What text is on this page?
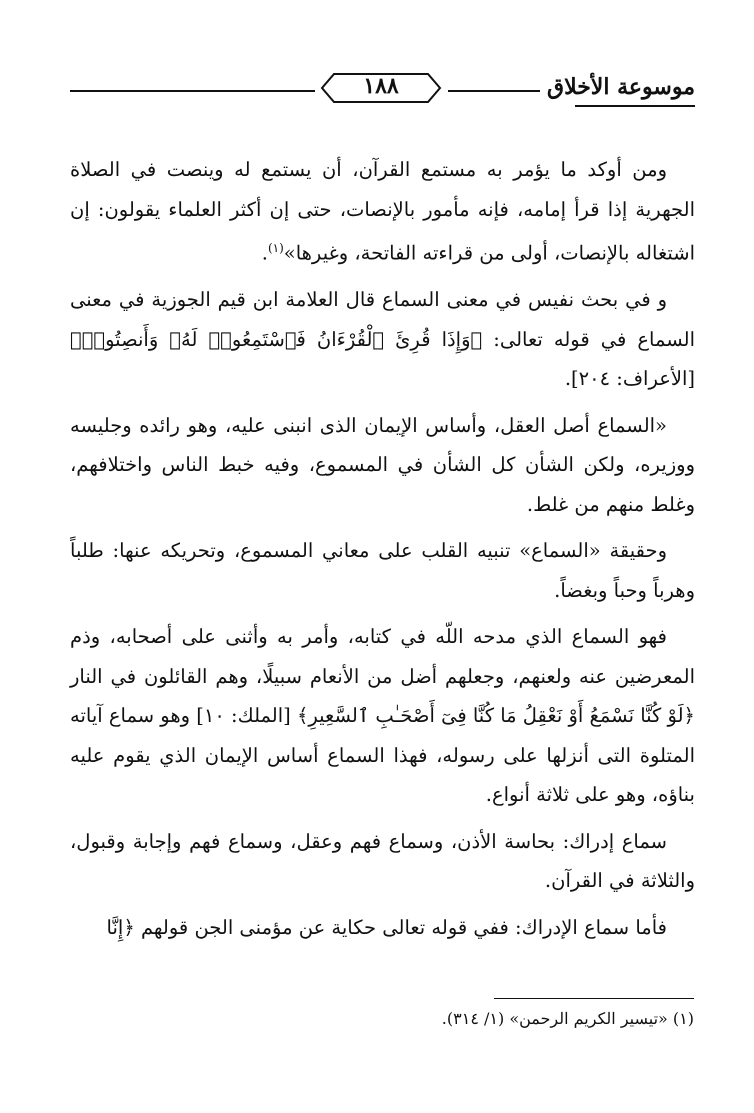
موسوعة الأخلاق
١٨٨

ومن أوكد ما يؤمر به مستمع القرآن، أن يستمع له وينصت في الصلاة الجهرية إذا قرأ إمامه، فإنه مأمور بالإنصات، حتى إن أكثر العلماء يقولون: إن اشتغاله بالإنصات، أولى من قراءته الفاتحة، وغيرها»$^{(١)}$.

و في بحث نفيس في معنى السماع قال العلامة ابن قيم الجوزية في معنى السماع في قوله تعالى: ﴿وَإِذَا قُرِئَ ٱلْقُرْءَانُ فَٱسْتَمِعُوا۟ لَهُۥ وَأَنصِتُوا۟﴾ [الأعراف: ٢٠٤].

«السماع أصل العقل، وأساس الإيمان الذى انبنى عليه، وهو رائده وجليسه ووزيره، ولكن الشأن كل الشأن في المسموع، وفيه خبط الناس واختلافهم، وغلط منهم من غلط.

وحقيقة «السماع» تنبيه القلب على معاني المسموع، وتحريكه عنها: طلباً وهرباً وحباً وبغضاً.

فهو السماع الذي مدحه اللّه في كتابه، وأمر به وأثنى على أصحابه، وذم المعرضين عنه ولعنهم، وجعلهم أضل من الأنعام سبيلًا، وهم القائلون في النار ﴿لَوْ كُنَّا نَسْمَعُ أَوْ نَعْقِلُ مَا كُنَّا فِىٓ أَصْحَـٰبِ ٱلسَّعِيرِ﴾ [الملك: ١٠] وهو سماع آياته المتلوة التى أنزلها على رسوله، فهذا السماع أساس الإيمان الذي يقوم عليه بناؤه، وهو على ثلاثة أنواع.

سماع إدراك: بحاسة الأذن، وسماع فهم وعقل، وسماع فهم وإجابة وقبول، والثلاثة في القرآن.

فأما سماع الإدراك: ففي قوله تعالى حكاية عن مؤمنى الجن قولهم ﴿إِنَّا

(١) «تيسير الكريم الرحمن» (١/ ٣١٤).
